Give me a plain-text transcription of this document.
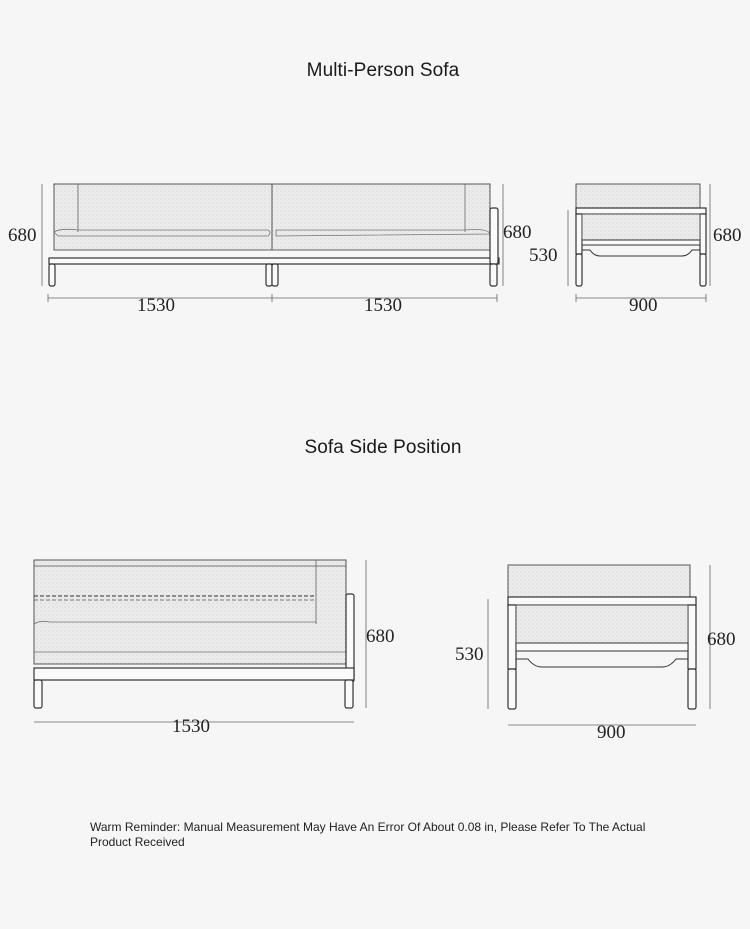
Multi-Person Sofa
680
1530	1530
680
530
680
900
Sofa Side Position
1530
680
530
680
900
Warm Reminder: Manual Measurement May Have An Error Of About 0.08 in, Please Refer To The Actual Product Received
